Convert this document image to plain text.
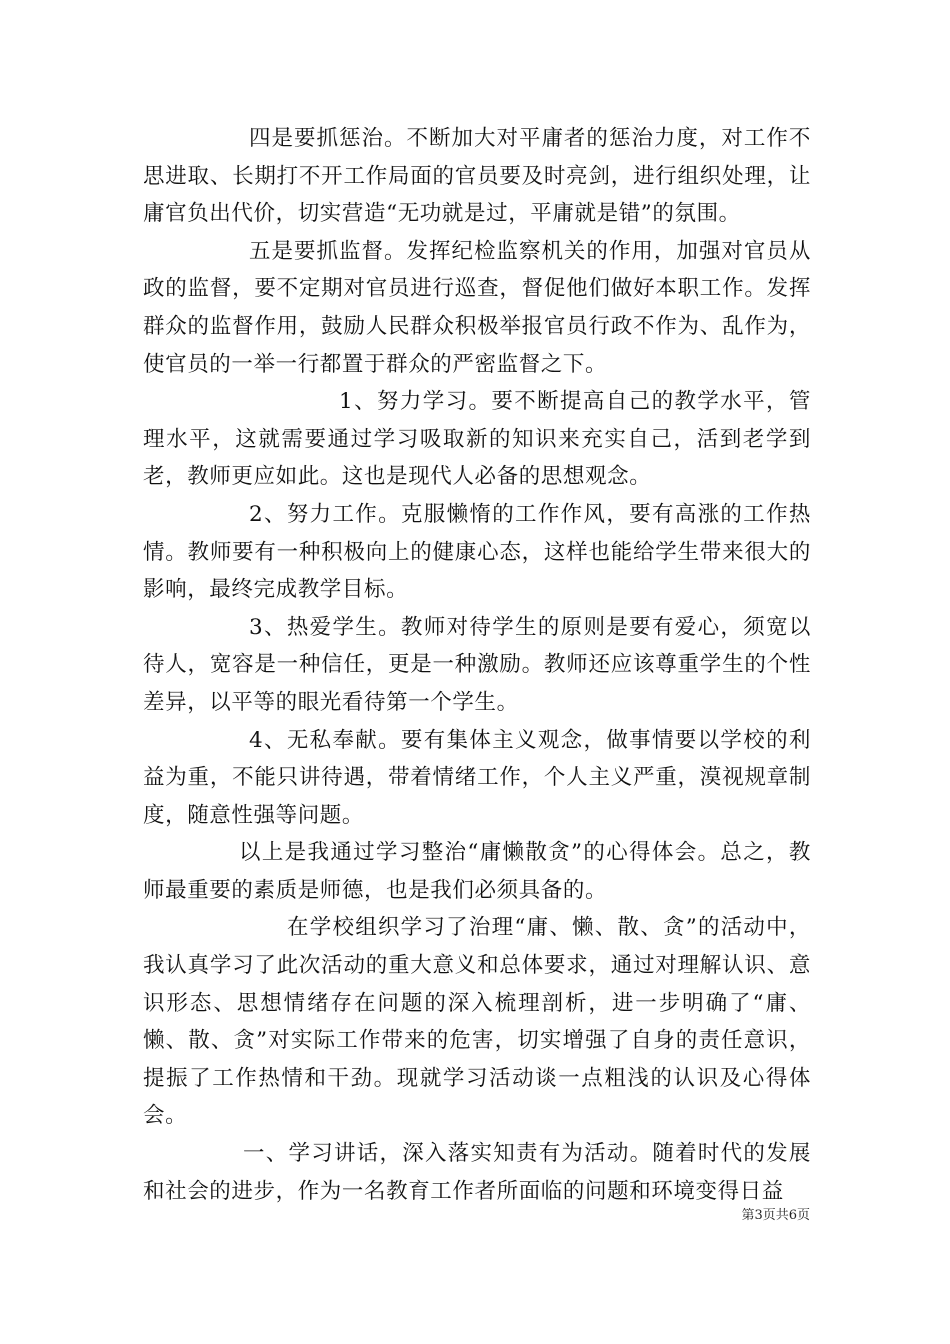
四是要抓惩治。不断加大对平庸者的惩治力度，对工作不思进取、长期打不开工作局面的官员要及时亮剑，进行组织处理，让庸官负出代价，切实营造“无功就是过，平庸就是错”的氛围。

五是要抓监督。发挥纪检监察机关的作用，加强对官员从政的监督，要不定期对官员进行巡查，督促他们做好本职工作。发挥群众的监督作用，鼓励人民群众积极举报官员行政不作为、乱作为，使官员的一举一行都置于群众的严密监督之下。

1、努力学习。要不断提高自己的教学水平，管理水平，这就需要通过学习吸取新的知识来充实自己，活到老学到老，教师更应如此。这也是现代人必备的思想观念。

2、努力工作。克服懒惰的工作作风，要有高涨的工作热情。教师要有一种积极向上的健康心态，这样也能给学生带来很大的影响，最终完成教学目标。

3、热爱学生。教师对待学生的原则是要有爱心，须宽以待人，宽容是一种信任，更是一种激励。教师还应该尊重学生的个性差异，以平等的眼光看待第一个学生。

4、无私奉献。要有集体主义观念，做事情要以学校的利益为重，不能只讲待遇，带着情绪工作，个人主义严重，漠视规章制度，随意性强等问题。

以上是我通过学习整治“庸懒散贪”的心得体会。总之，教师最重要的素质是师德，也是我们必须具备的。

在学校组织学习了治理“庸、懒、散、贪”的活动中，我认真学习了此次活动的重大意义和总体要求，通过对理解认识、意识形态、思想情绪存在问题的深入梳理剖析，进一步明确了“庸、懒、散、贪”对实际工作带来的危害，切实增强了自身的责任意识，提振了工作热情和干劲。现就学习活动谈一点粗浅的认识及心得体会。

一、学习讲话，深入落实知责有为活动。随着时代的发展和社会的进步，作为一名教育工作者所面临的问题和环境变得日益

第3页共6页
